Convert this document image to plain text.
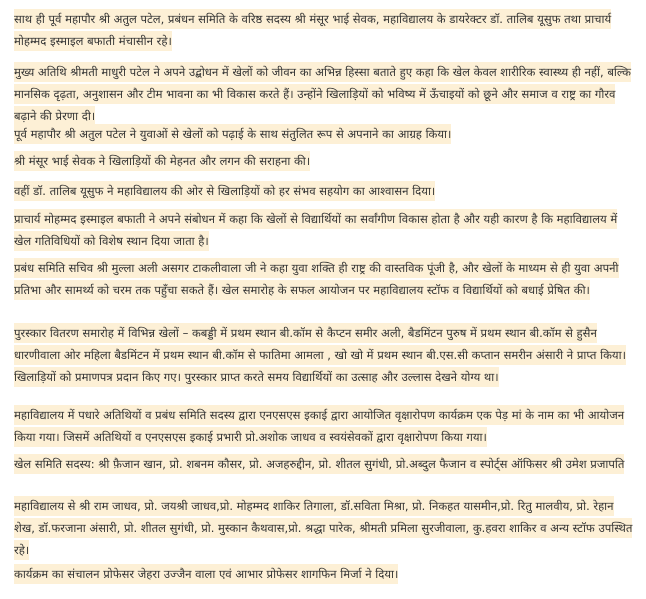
साथ ही पूर्व महापौर श्री अतुल पटेल, प्रबंधन समिति के वरिष्ठ सदस्य श्री मंसूर भाई सेवक, महाविद्यालय के डायरेक्टर डॉ. तालिब यूसुफ तथा प्राचार्य मोहम्मद इस्माइल बफाती मंचासीन रहे।

मुख्य अतिथि श्रीमती माधुरी पटेल ने अपने उद्बोधन में खेलों को जीवन का अभिन्न हिस्सा बताते हुए कहा कि खेल केवल शारीरिक स्वास्थ्य ही नहीं, बल्कि मानसिक दृढ़ता, अनुशासन और टीम भावना का भी विकास करते हैं। उन्होंने खिलाड़ियों को भविष्य में ऊँचाइयों को छूने और समाज व राष्ट्र का गौरव बढ़ाने की प्रेरणा दी।

पूर्व महापौर श्री अतुल पटेल ने युवाओं से खेलों को पढ़ाई के साथ संतुलित रूप से अपनाने का आग्रह किया।

श्री मंसूर भाई सेवक ने खिलाड़ियों की मेहनत और लगन की सराहना की।

वहीं डॉ. तालिब यूसुफ ने महाविद्यालय की ओर से खिलाड़ियों को हर संभव सहयोग का आश्वासन दिया।

प्राचार्य मोहम्मद इस्माइल बफाती ने अपने संबोधन में कहा कि खेलों से विद्यार्थियों का सर्वांगीण विकास होता है और यही कारण है कि महाविद्यालय में खेल गतिविधियों को विशेष स्थान दिया जाता है।

प्रबंध समिति सचिव श्री मुल्ला अली असगर टाकलीवाला जी ने कहा युवा शक्ति ही राष्ट्र की वास्तविक पूंजी है, और खेलों के माध्यम से ही युवा अपनी प्रतिभा और सामर्थ्य को चरम तक पहुँचा सकते हैं। खेल समारोह के सफल आयोजन पर महाविद्यालय स्टॉफ व विद्यार्थियों को बधाई प्रेषित की।

पुरस्कार वितरण समारोह में विभिन्न खेलों – कबड्डी में प्रथम स्थान बी.कॉम से कैप्टन समीर अली, बैडमिंटन पुरुष में प्रथम स्थान बी.कॉम से हुसैन धारणीवाला ओर महिला बैडमिंटन में प्रथम स्थान बी.कॉम से फातिमा आमला , खो खो में प्रथम स्थान बी.एस.सी कप्तान समरीन अंसारी ने प्राप्त किया। खिलाड़ियों को प्रमाणपत्र प्रदान किए गए। पुरस्कार प्राप्त करते समय विद्यार्थियों का उत्साह और उल्लास देखने योग्य था।

महाविद्यालय में पधारे अतिथियों व प्रबंध समिति सदस्य द्वारा एनएसएस इकाई द्वारा आयोजित वृक्षारोपण कार्यक्रम एक पेड़ मां के नाम का भी आयोजन किया गया। जिसमें अतिथियों व एनएसएस इकाई प्रभारी प्रो.अशोक जाधव व स्वयंसेवकों द्वारा वृक्षारोपण किया गया।

खेल समिति सदस्य: श्री फ़ैजान खान, प्रो. शबनम कौसर, प्रो. अजहरुद्दीन, प्रो. शीतल सुगंधी, प्रो.अब्दुल फैजान व स्पोर्ट्स ऑफिसर श्री उमेश प्रजापति

महाविद्यालय से श्री राम जाधव, प्रो. जयश्री जाधव,प्रो. मोहम्मद शाकिर तिगाला, डॉ.सविता मिश्रा, प्रो. निकहत यासमीन,प्रो. रितु मालवीय, प्रो. रेहान शेख, डॉ.फरजाना अंसारी, प्रो. शीतल सुगंधी, प्रो. मुस्कान कैथवास,प्रो. श्रद्धा पारेक, श्रीमती प्रमिला सुरजीवाला, कु.हवरा शाकिर व अन्य स्टॉफ उपस्थित रहे।

कार्यक्रम का संचालन प्रोफेसर जेहरा उज्जैन वाला एवं आभार प्रोफेसर शागफिन मिर्जा ने दिया।
